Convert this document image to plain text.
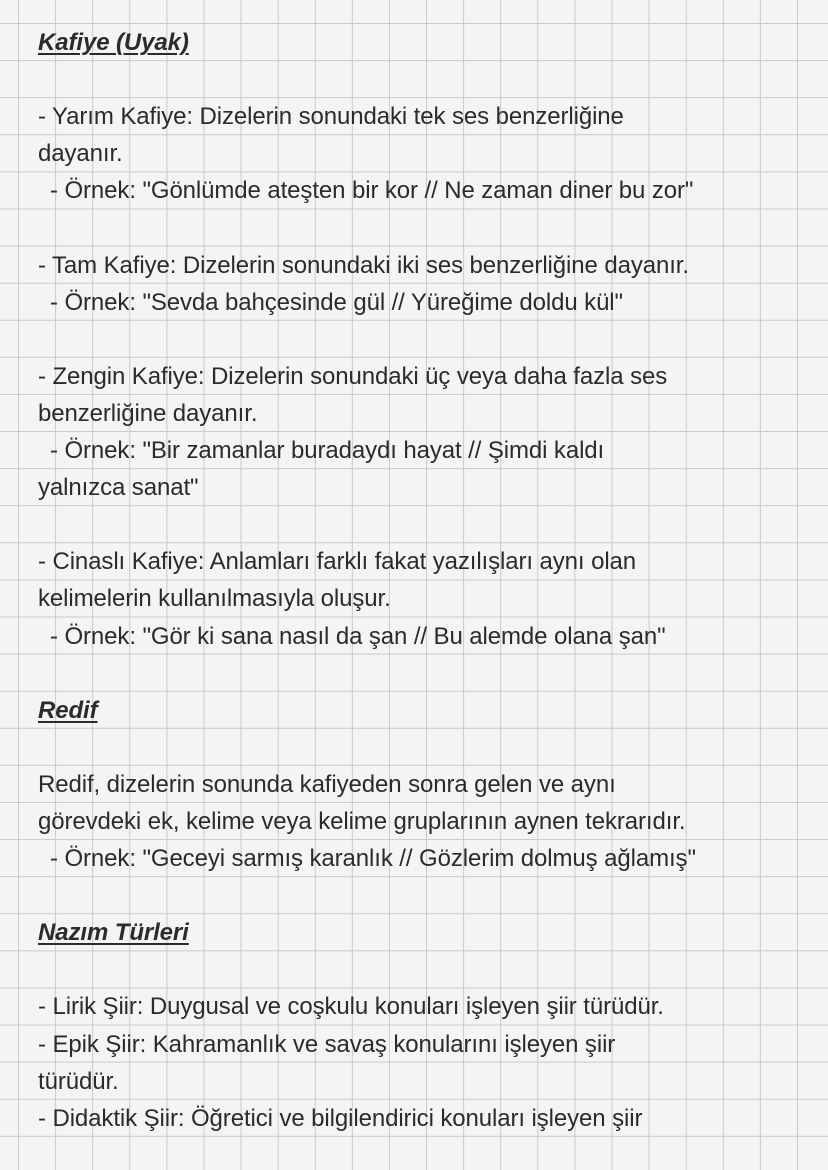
Kafiye (Uyak)
- Yarım Kafiye: Dizelerin sonundaki tek ses benzerliğine
dayanır.
- Örnek: "Gönlümde ateşten bir kor // Ne zaman diner bu zor"
- Tam Kafiye: Dizelerin sonundaki iki ses benzerliğine dayanır.
- Örnek: "Sevda bahçesinde gül // Yüreğime doldu kül"
- Zengin Kafiye: Dizelerin sonundaki üç veya daha fazla ses
benzerliğine dayanır.
- Örnek: "Bir zamanlar buradaydı hayat // Şimdi kaldı
yalnızca sanat"
- Cinaslı Kafiye: Anlamları farklı fakat yazılışları aynı olan
kelimelerin kullanılmasıyla oluşur.
- Örnek: "Gör ki sana nasıl da şan // Bu alemde olana şan"
Redif
Redif, dizelerin sonunda kafiyeden sonra gelen ve aynı
görevdeki ek, kelime veya kelime gruplarının aynen tekrarıdır.
- Örnek: "Geceyi sarmış karanlık // Gözlerim dolmuş ağlamış"
Nazım Türleri
- Lirik Şiir: Duygusal ve coşkulu konuları işleyen şiir türüdür.
- Epik Şiir: Kahramanlık ve savaş konularını işleyen şiir
türüdür.
- Didaktik Şiir: Öğretici ve bilgilendirici konuları işleyen şiir
